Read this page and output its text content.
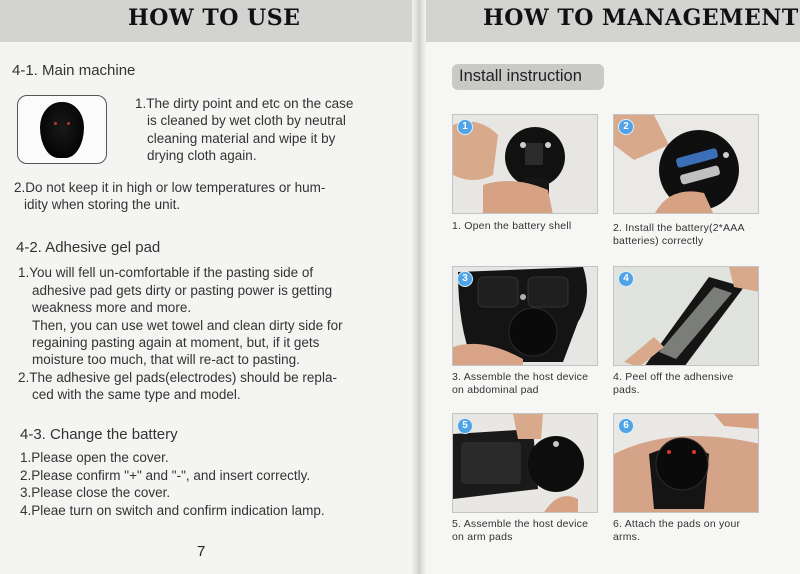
HOW TO USE
4-1. Main machine
1.The dirty point and etc on the case
is cleaned by wet cloth by neutral
cleaning material and wipe it by
drying cloth again.
2.Do not keep it in high or low temperatures or hum-
idity when storing the unit.
4-2. Adhesive gel pad
1.You will fell un-comfortable if the pasting side of
adhesive pad gets dirty or pasting power is getting
weakness more and more.
Then, you can use wet towel and clean dirty side for
regaining pasting again at moment, but, if it gets
moisture too much, that will re-act to pasting.
2.The adhesive gel pads(electrodes) should be repla-
ced with the same type and model.
4-3. Change the battery
1.Please open the cover.
2.Please confirm "+" and "-", and insert correctly.
3.Please close the cover.
4.Pleae turn on switch and confirm indication lamp.
7
HOW TO MANAGEMENT
Install instruction
1
1. Open the battery shell
2
2. Install the battery(2*AAA
batteries) correctly
3
3. Assemble the host device
on abdominal pad
4
4. Peel off the adhensive
pads.
5
5. Assemble the host device
on arm pads
6
6. Attach the pads on your
arms.
